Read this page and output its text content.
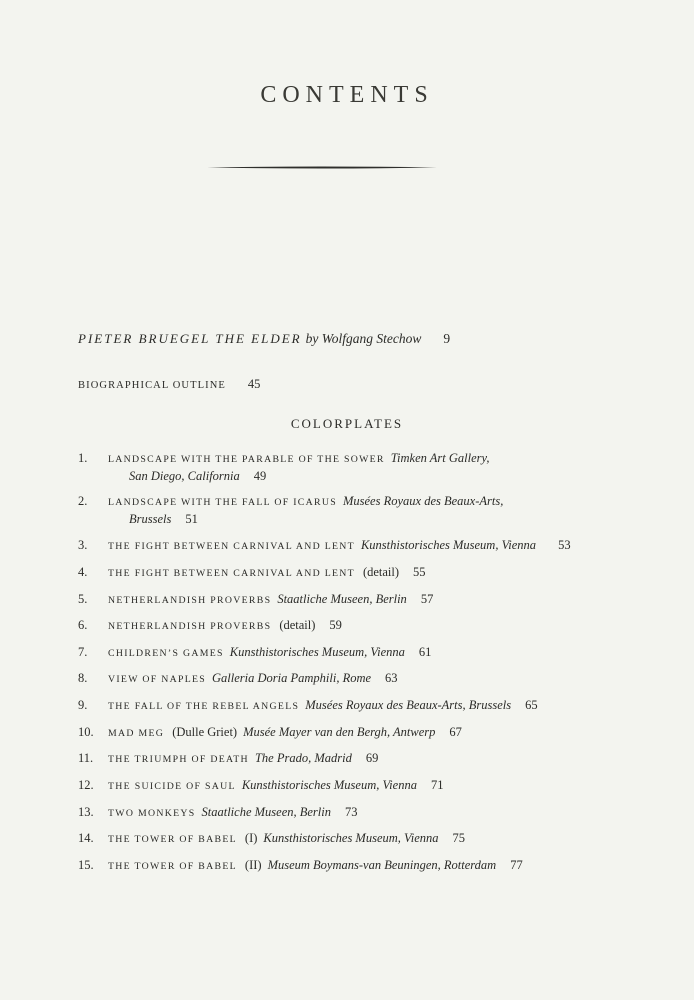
CONTENTS
PIETER BRUEGEL THE ELDER by Wolfgang Stechow 9
BIOGRAPHICAL OUTLINE 45
COLORPLATES
1. LANDSCAPE WITH THE PARABLE OF THE SOWER Timken Art Gallery,
San Diego, California 49
2. LANDSCAPE WITH THE FALL OF ICARUS Musées Royaux des Beaux-Arts,
Brussels 51
3. THE FIGHT BETWEEN CARNIVAL AND LENT Kunsthistorisches Museum, Vienna 53
4. THE FIGHT BETWEEN CARNIVAL AND LENT (detail) 55
5. NETHERLANDISH PROVERBS Staatliche Museen, Berlin 57
6. NETHERLANDISH PROVERBS (detail) 59
7. CHILDREN’S GAMES Kunsthistorisches Museum, Vienna 61
8. VIEW OF NAPLES Galleria Doria Pamphili, Rome 63
9. THE FALL OF THE REBEL ANGELS Musées Royaux des Beaux-Arts, Brussels 65
10. MAD MEG (Dulle Griet) Musée Mayer van den Bergh, Antwerp 67
11. THE TRIUMPH OF DEATH The Prado, Madrid 69
12. THE SUICIDE OF SAUL Kunsthistorisches Museum, Vienna 71
13. TWO MONKEYS Staatliche Museen, Berlin 73
14. THE TOWER OF BABEL (I) Kunsthistorisches Museum, Vienna 75
15. THE TOWER OF BABEL (II) Museum Boymans-van Beuningen, Rotterdam 77
